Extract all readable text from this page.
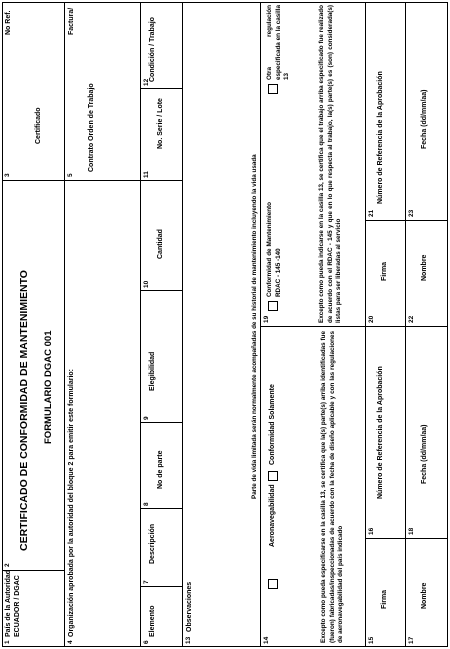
1
País de la Autoridad ECUADOR / DGAC
2
CERTIFICADO DE CONFORMIDAD DE MANTENIMIENTO FORMULARIO DGAC 001
3
Certificado
No Ref.
4
Organización aprobada por la autoridad del bloque 2 para emitir este formulario:
5
Contrato Orden de Trabajo
Factura/
6
Elemento
7
Descripción
8
No de parte
9
Elegibilidad
10
Cantidad
11
No. Serie / Lote
12
Condición / Trabajo
13
Observaciones
Parte de vida limitada serán normalmente acompañadas de su historial de mantenimiento incluyendo la vida usada
14
Aeronavegabilidad
Conformidad Solamente	Excepto como pueda especificarse en la casilla 13, se certifica que la(s) parte(s) arriba identificadas fue (fueron) fabricadas/inspeccionadas de acuerdo con la fecha de diseño aplicable y con las regulaciones de aeronavegabilidad del país indicado
19
Conformidad de Mantenimiento RDAC - 145 -140
Otra regulación especificada en la casilla 13	Excepto como pueda indicarse en la casilla 13, se certifica que el trabajo arriba especificado fue realizado de acuerdo con el RDAC - 145 y que en lo que respecta al trabajo, la(s) parte(s) es (son) considerada(s) listas para ser liberadas al servicio
15
Firma
16
Número de Referencia de la Aprobación
17
Nombre
18
Fecha (dd/mm/aa)
20
Firma
21
Número de Referencia de la Aprobación
22
Nombre
23
Fecha (dd/mm/aa)
